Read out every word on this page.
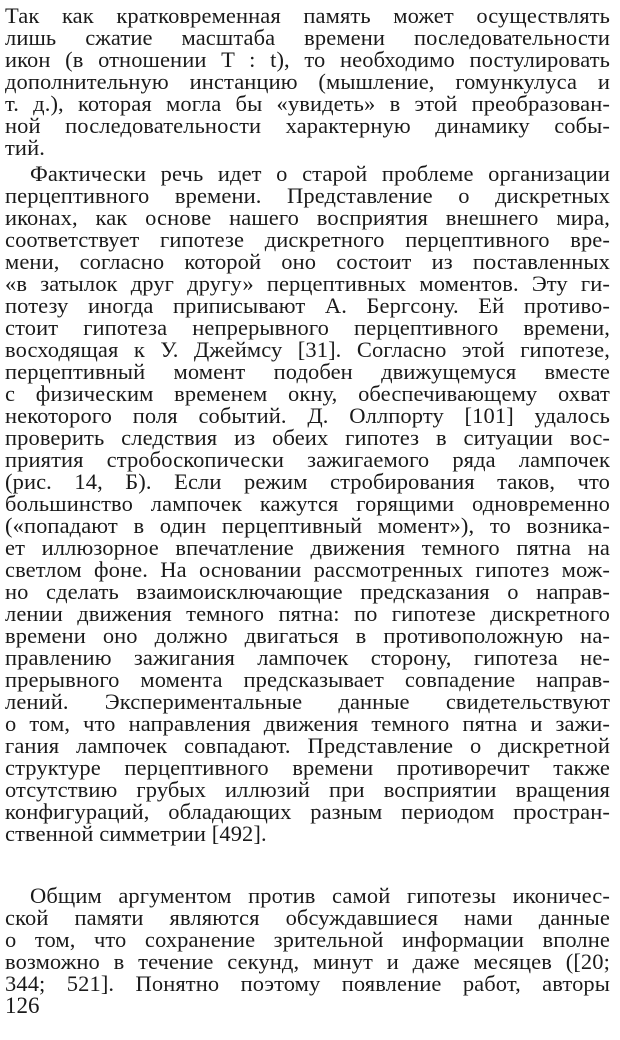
Так как кратковременная память может осуществлять
лишь сжатие масштаба времени последовательности
икон (в отношении T : t), то необходимо постулировать
дополнительную инстанцию (мышление, гомункулуса и
т. д.), которая могла бы «увидеть» в этой преобразован-
ной последовательности характерную динамику собы-
тий.
Фактически речь идет о старой проблеме организации
перцептивного времени. Представление о дискретных
иконах, как основе нашего восприятия внешнего мира,
соответствует гипотезе дискретного перцептивного вре-
мени, согласно которой оно состоит из поставленных
«в затылок друг другу» перцептивных моментов. Эту ги-
потезу иногда приписывают А. Бергсону. Ей противо-
стоит гипотеза непрерывного перцептивного времени,
восходящая к У. Джеймсу [31]. Согласно этой гипотезе,
перцептивный момент подобен движущемуся вместе
с физическим временем окну, обеспечивающему охват
некоторого поля событий. Д. Оллпорту [101] удалось
проверить следствия из обеих гипотез в ситуации вос-
приятия стробоскопически зажигаемого ряда лампочек
(рис. 14, Б). Если режим стробирования таков, что
большинство лампочек кажутся горящими одновременно
(«попадают в один перцептивный момент»), то возника-
ет иллюзорное впечатление движения темного пятна на
светлом фоне. На основании рассмотренных гипотез мож-
но сделать взаимоисключающие предсказания о направ-
лении движения темного пятна: по гипотезе дискретного
времени оно должно двигаться в противоположную на-
правлению зажигания лампочек сторону, гипотеза не-
прерывного момента предсказывает совпадение направ-
лений. Экспериментальные данные свидетельствуют
о том, что направления движения темного пятна и зажи-
гания лампочек совпадают. Представление о дискретной
структуре перцептивного времени противоречит также
отсутствию грубых иллюзий при восприятии вращения
конфигураций, обладающих разным периодом простран-
ственной симметрии [492].
Общим аргументом против самой гипотезы иконичес-
ской памяти являются обсуждавшиеся нами данные
о том, что сохранение зрительной информации вполне
возможно в течение секунд, минут и даже месяцев ([20;
344; 521]. Понятно поэтому появление работ, авторы
126
